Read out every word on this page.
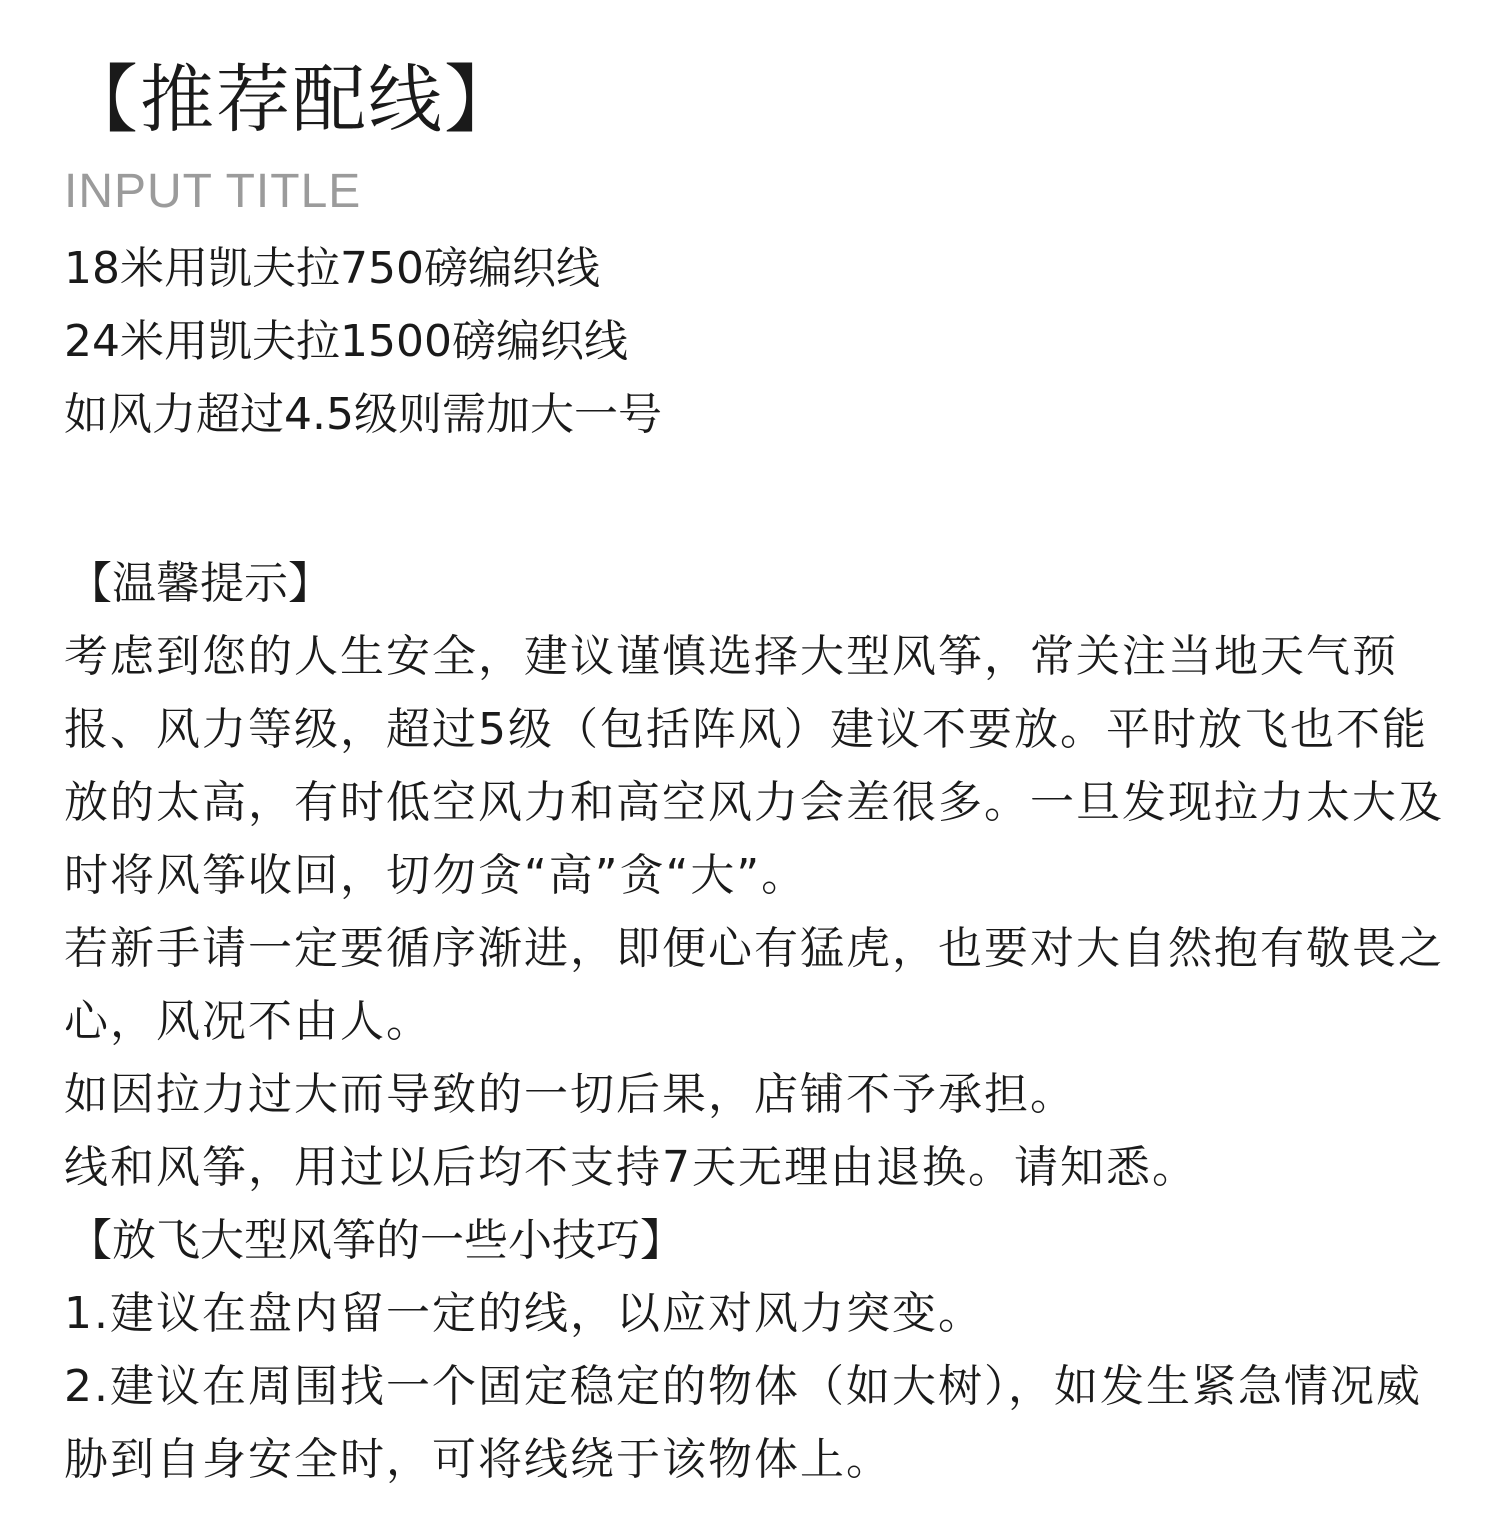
【推荐配线】
INPUT TITLE
18米用凯夫拉750磅编织线
24米用凯夫拉1500磅编织线
如风力超过4.5级则需加大一号
【温馨提示】

考虑到您的人生安全，建议谨慎选择大型风筝，常关注当地天气预报、风力等级，超过5级（包括阵风）建议不要放。平时放飞也不能放的太高，有时低空风力和高空风力会差很多。一旦发现拉力太大及时将风筝收回，切勿贪“高”贪“大”。

若新手请一定要循序渐进，即便心有猛虎，也要对大自然抱有敬畏之心，风况不由人。

如因拉力过大而导致的一切后果，店铺不予承担。

线和风筝，用过以后均不支持7天无理由退换。请知悉。

【放飞大型风筝的一些小技巧】

1.建议在盘内留一定的线，以应对风力突变。

2.建议在周围找一个固定稳定的物体（如大树），如发生紧急情况威胁到自身安全时，可将线绕于该物体上。
